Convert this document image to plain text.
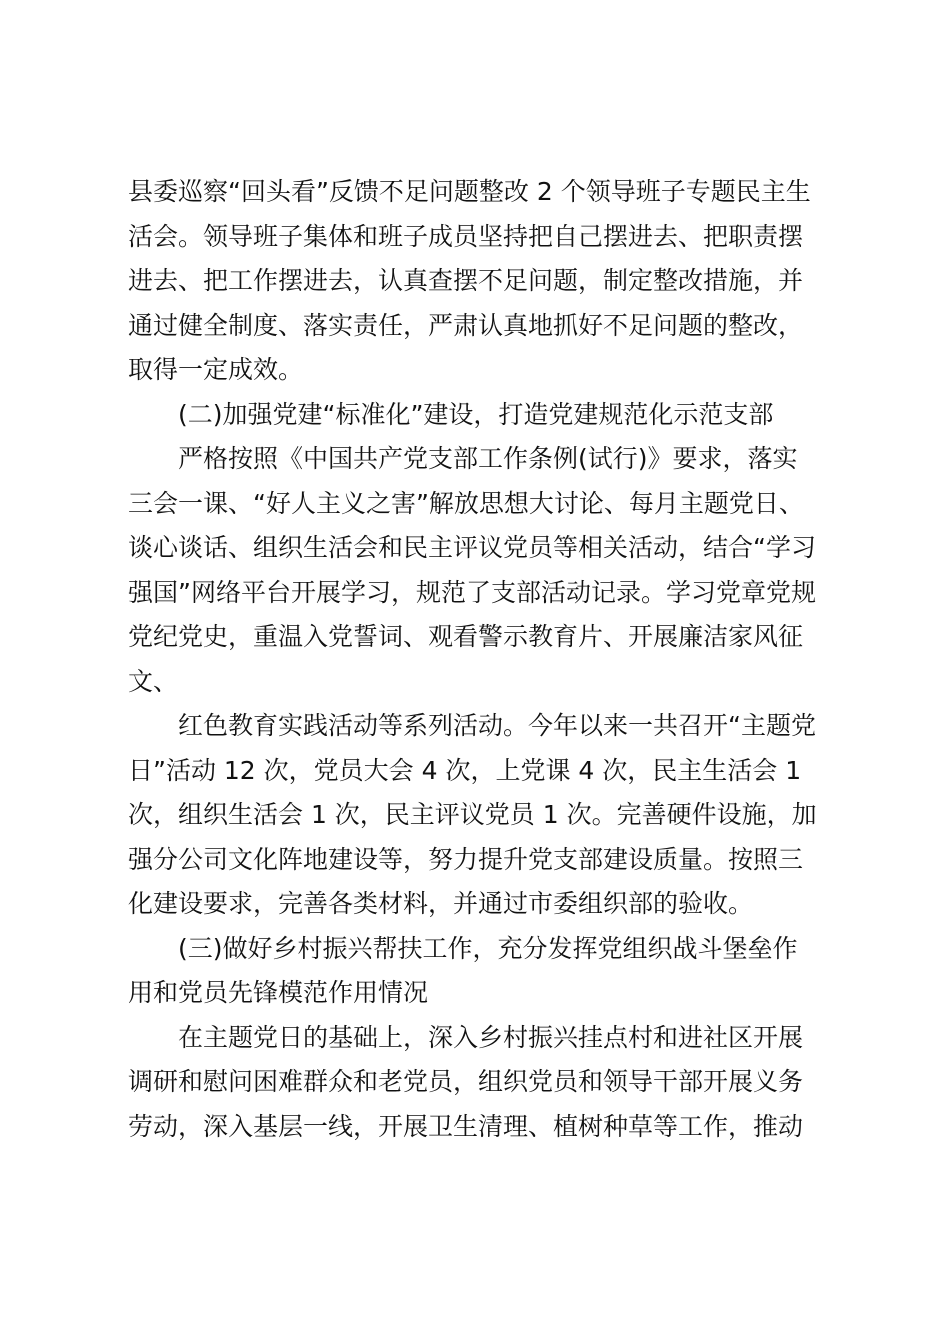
县委巡察“回头看”反馈不足问题整改 2 个领导班子专题民主生
活会。领导班子集体和班子成员坚持把自己摆进去、把职责摆
进去、把工作摆进去，认真查摆不足问题，制定整改措施，并
通过健全制度、落实责任，严肃认真地抓好不足问题的整改，
取得一定成效。
(二)加强党建“标准化”建设，打造党建规范化示范支部
严格按照《中国共产党支部工作条例(试行)》要求，落实
三会一课、“好人主义之害”解放思想大讨论、每月主题党日、
谈心谈话、组织生活会和民主评议党员等相关活动，结合“学习
强国”网络平台开展学习，规范了支部活动记录。学习党章党规
党纪党史，重温入党誓词、观看警示教育片、开展廉洁家风征
文、
红色教育实践活动等系列活动。今年以来一共召开“主题党
日”活动 12 次，党员大会 4 次，上党课 4 次，民主生活会 1
次，组织生活会 1 次，民主评议党员 1 次。完善硬件设施，加
强分公司文化阵地建设等，努力提升党支部建设质量。按照三
化建设要求，完善各类材料，并通过市委组织部的验收。
(三)做好乡村振兴帮扶工作，充分发挥党组织战斗堡垒作
用和党员先锋模范作用情况
在主题党日的基础上，深入乡村振兴挂点村和进社区开展
调研和慰问困难群众和老党员，组织党员和领导干部开展义务
劳动，深入基层一线，开展卫生清理、植树种草等工作，推动
